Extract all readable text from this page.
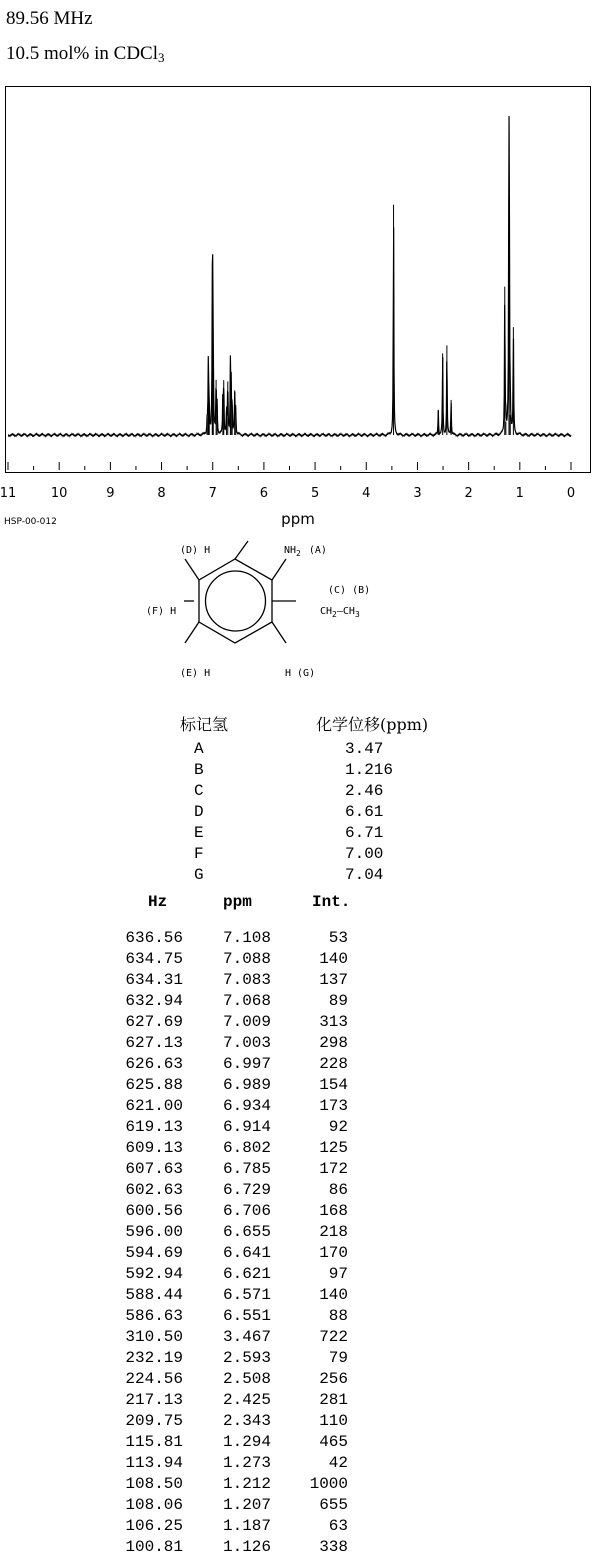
89.56 MHz
10.5 mol% in CDCl$_3$
11	10	9	8	7	6	5	4	3	2	1	0
ppm
HSP-00-012
(D) H	$NH_2$ (A)
(C) (B)
$CH_2-CH_3$
(F) H
(E) H	H (G)
标记氢	化学位移(ppm)
A	3.47
B	1.216
C	2.46
D	6.61
E	6.71
F	7.00
G	7.04
Hz	ppm	Int.
636.56	7.108	53
634.75	7.088	140
634.31	7.083	137
632.94	7.068	89
627.69	7.009	313
627.13	7.003	298
626.63	6.997	228
625.88	6.989	154
621.00	6.934	173
619.13	6.914	92
609.13	6.802	125
607.63	6.785	172
602.63	6.729	86
600.56	6.706	168
596.00	6.655	218
594.69	6.641	170
592.94	6.621	97
588.44	6.571	140
586.63	6.551	88
310.50	3.467	722
232.19	2.593	79
224.56	2.508	256
217.13	2.425	281
209.75	2.343	110
115.81	1.294	465
113.94	1.273	42
108.50	1.212	1000
108.06	1.207	655
106.25	1.187	63
100.81	1.126	338
